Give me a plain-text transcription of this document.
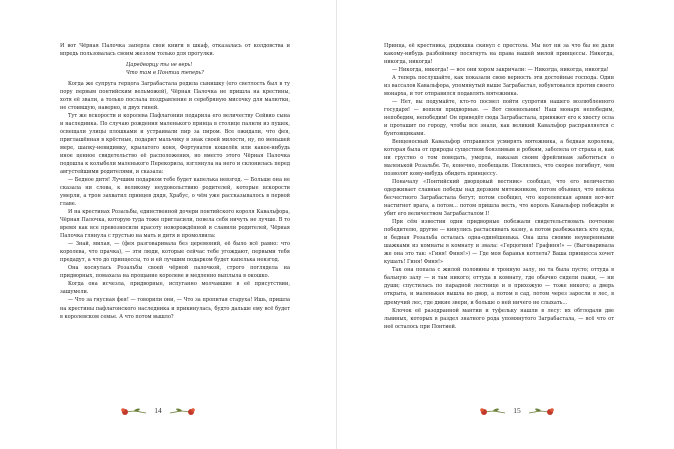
И вот Чёрная Палочка заперла свои книги в шкаф, отказалась от колдовства и впредь пользовалась своим жезлом только для прогулки.

Царедворцу ты не верь!

Что там в Понтии теперь?

Когда же супруга герцога Заграбастала родила сынишку (его светлость был в ту пору первым понтийским вельможей), Чёрная Палочка не пришла на крестины, хотя её звали, а только послала поздравление и серебряную мисочку для малютки, не стоившую, наверно, и двух гиней.

Тут же вскорости и королева Пафлагонии подарила его величеству Сейвио сына и наследника. По случаю рождения маленького принца в столице палили из пушек, освещали улицы плошками и устраивали пир за пиром. Все ожидали, что фея, приглашённая в крёстные, подарит мальчику в знак своей милости, ну, по меньшей мере, шапку-невидимку, крылатого коня, Фортунатов кошелёк или какое-нибудь иное ценное свидетельство её расположения, но вместо этого Чёрная Палочка подошла к колыбели маленького Перекорила, взглянула на него и склонилась перед августейшими родителями, и сказала:

— Бедное дитя! Лучшим подарком тебе будет капелька невзгод. — Больше она не сказала ни слова, к великому неудовольствию родителей, которые вскорости умерли, а трон захватил принцев дядя, Храбус, о чём уже рассказывалось в первой главе.

И на крестинах Розальбы, единственной дочери понтийского короля Кавальфора, Чёрная Палочка, которую туда тоже пригласили, повела себя ничуть не лучше. В то время как все превозносили красоту новорождённой и славили родителей, Чёрная Палочка глянула с грустью на мать и дитя и промолвила:

— Знай, милая, — (фея разговаривала без церемоний, её было всё равно: что королева, что прачка), — эти люди, которые сейчас тебе угождают, первыми тебя предадут, а что до принцессы, то и ей лучшим подарком будет капелька невзгод.

Она коснулась Розальбы своей чёрной палочкой, строго поглядела на придворных, помахала на прощание королеве и медленно выплыла в окошко.

Когда она исчезла, придворные, испуганно молчавшие в её присутствии, зашумели.

— Что за гнусная фея! — говорили они, — Что за пропитая старуха! Ишь, пришла на крестины пафлагонского наследника и прикинулась, будто дальше ему всё будет в королевском семье. А что потом вышло?

14

Принца, её крестника, дядюшка скинул с престола. Мы вот ни за что бы не дали какому-нибудь разбойнику посягнуть на права нашей милой принцессы. Никогда, никогда, никогда!

— Никогда, никогда! — все они хором закричали: — Никогда, никогда, никогда!

А теперь послушайте, как показали свою верность эти достойные господа. Один из вассалов Кавальфора, упомянутый выше Заграбастал, взбунтовался против своего монарха, и тот отправился подавлять мятежника.

— Нет, вы подумайте, кто-то посмел пойти супротив нашего возлюбленного государя! — вопили придворные. — Вот своевольник! Наш монарх непобедим, непобедим, непобедим! Он приведёт сюда Заграбастала, привяжет его к хвосту осла и проташит по городу, чтобы все знали, как великий Кавальфор расправляется с бунтовщиками.

Венценосный Кавальфор отправился усмирять мятежника, а бедная королева, которая была от природы существом боязливым и робким, заболела от страха и, как ни грустно о том поведать, умерла, наказав своим фрейлинам заботиться о маленькой Розальбе. Те, конечно, пообещали. Поклялись, что скорее погибнут, чем позволят кому-нибудь обидеть принцессу.

Поначалу «Понтийский дворцовый вестник» сообщал, что его величество одерживает славные победы над дерзким мятежником, потом объявил, что войска бесчестного Заграбастала бегут; потом сообщил, что королевская армия вот-вот настигнет врага, а потом... потом пришла весть, что король Кавальфор побеждён и убит его величеством Заграбасталом I!

При сём известии одни придворные побежали свидетельствовать почтение победителю, другие — кинулись растаскивать казну, а потом разбежались кто куда, и бедная Розальба осталась одна-одинёшенька. Она шла своими неуверенными шажками из комнаты в комнату и звала: «Герцогиня! Графиня!» — (Выговаривала же она это так: «Гиня! Финя!») — Где моя баранья котлета? Ваша принцесса хочет кушать! Гиня! Финя!»

Так она попала с жилой половины в тронную залу, но та была пусто; оттуда в бальную залу — и там никого; оттуда в комнату, где обычно сидели пажи, — ни души; спустилась по парадной лестнице и в прихожую — тоже никого; а дверь открыта, и маленькая вышла во двор, а потом в сад, потом через заросли в лес, в дремучий лес, где дикие звери, и больше о ней ничего не слыхать...

Клочок её разодранной мантии и туфельку нашли в лесу: их обглодали две львиных, которых в раздел знатного рода упомянутого Заграбастала, — всё что от неё осталось при Понтией.

15
